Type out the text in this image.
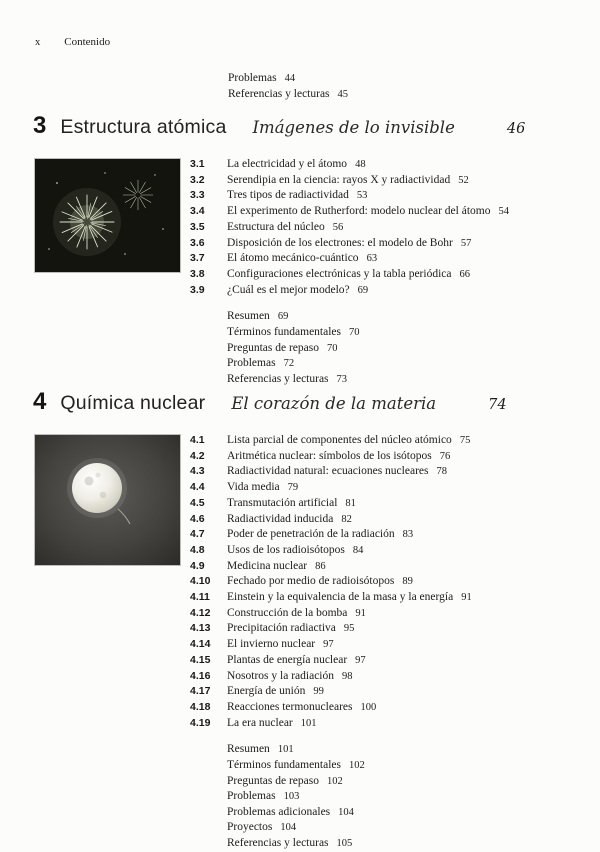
x Contenido
Problemas 44
Referencias y lecturas 45
3 Estructura atómica Imágenes de lo invisible	46
3.1	La electricidad y el átomo 48
3.2	Serendipia en la ciencia: rayos X y radiactividad 52
3.3	Tres tipos de radiactividad 53
3.4	El experimento de Rutherford: modelo nuclear del átomo 54
3.5	Estructura del núcleo 56
3.6	Disposición de los electrones: el modelo de Bohr 57
3.7	El átomo mecánico-cuántico 63
3.8	Configuraciones electrónicas y la tabla periódica 66
3.9	¿Cuál es el mejor modelo? 69
Resumen 69
Términos fundamentales 70
Preguntas de repaso 70
Problemas 72
Referencias y lecturas 73
4 Química nuclear El corazón de la materia	74
4.1	Lista parcial de componentes del núcleo atómico 75
4.2	Aritmética nuclear: símbolos de los isótopos 76
4.3	Radiactividad natural: ecuaciones nucleares 78
4.4	Vida media 79
4.5	Transmutación artificial 81
4.6	Radiactividad inducida 82
4.7	Poder de penetración de la radiación 83
4.8	Usos de los radioisótopos 84
4.9	Medicina nuclear 86
4.10	Fechado por medio de radioisótopos 89
4.11	Einstein y la equivalencia de la masa y la energía 91
4.12	Construcción de la bomba 91
4.13	Precipitación radiactiva 95
4.14	El invierno nuclear 97
4.15	Plantas de energía nuclear 97
4.16	Nosotros y la radiación 98
4.17	Energía de unión 99
4.18	Reacciones termonucleares 100
4.19	La era nuclear 101
Resumen 101
Términos fundamentales 102
Preguntas de repaso 102
Problemas 103
Problemas adicionales 104
Proyectos 104
Referencias y lecturas 105
